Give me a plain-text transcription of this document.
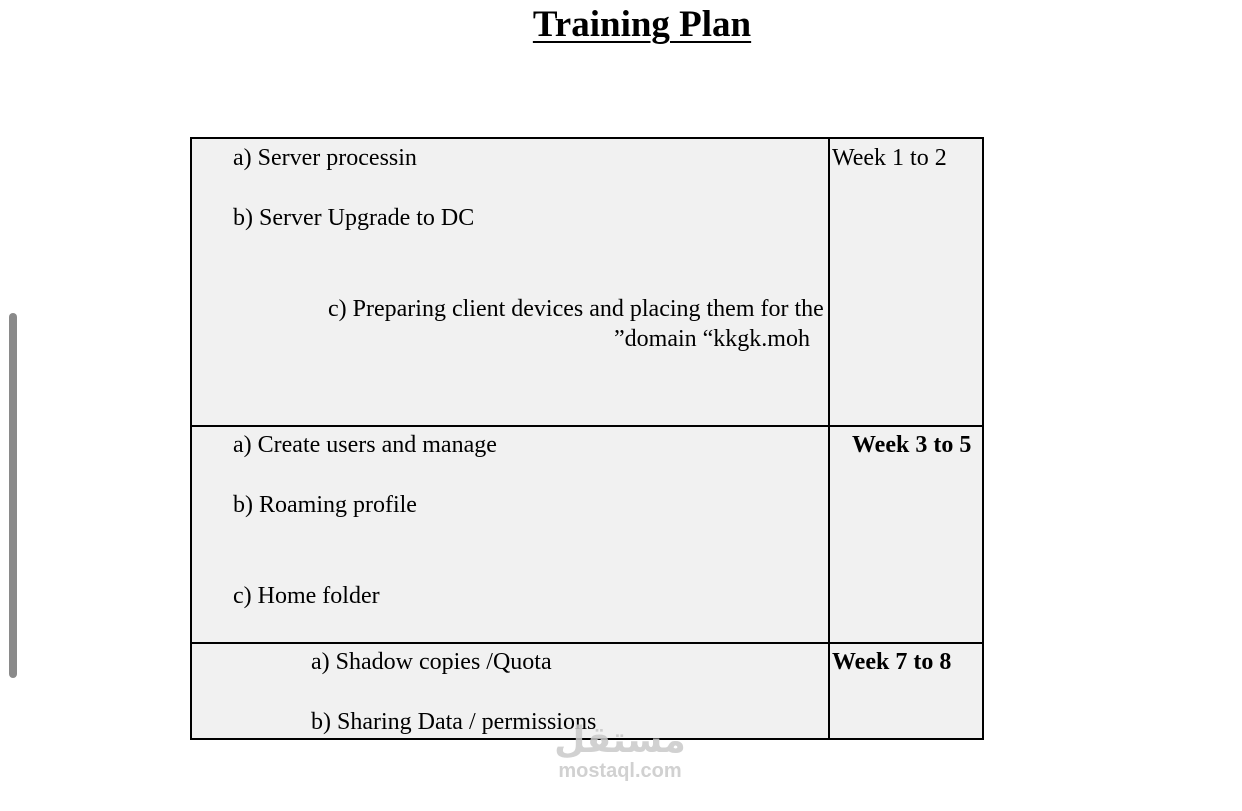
Training Plan
a) Server processin
b) Server Upgrade to DC
c) Preparing client devices and placing them for the
”domain “kkgk.moh
Week 1 to 2
a) Create users and manage
b) Roaming profile
c) Home folder
Week 3 to 5
a) Shadow copies /Quota
b) Sharing Data / permissions
Week 7 to 8
مستقل
mostaql.com
